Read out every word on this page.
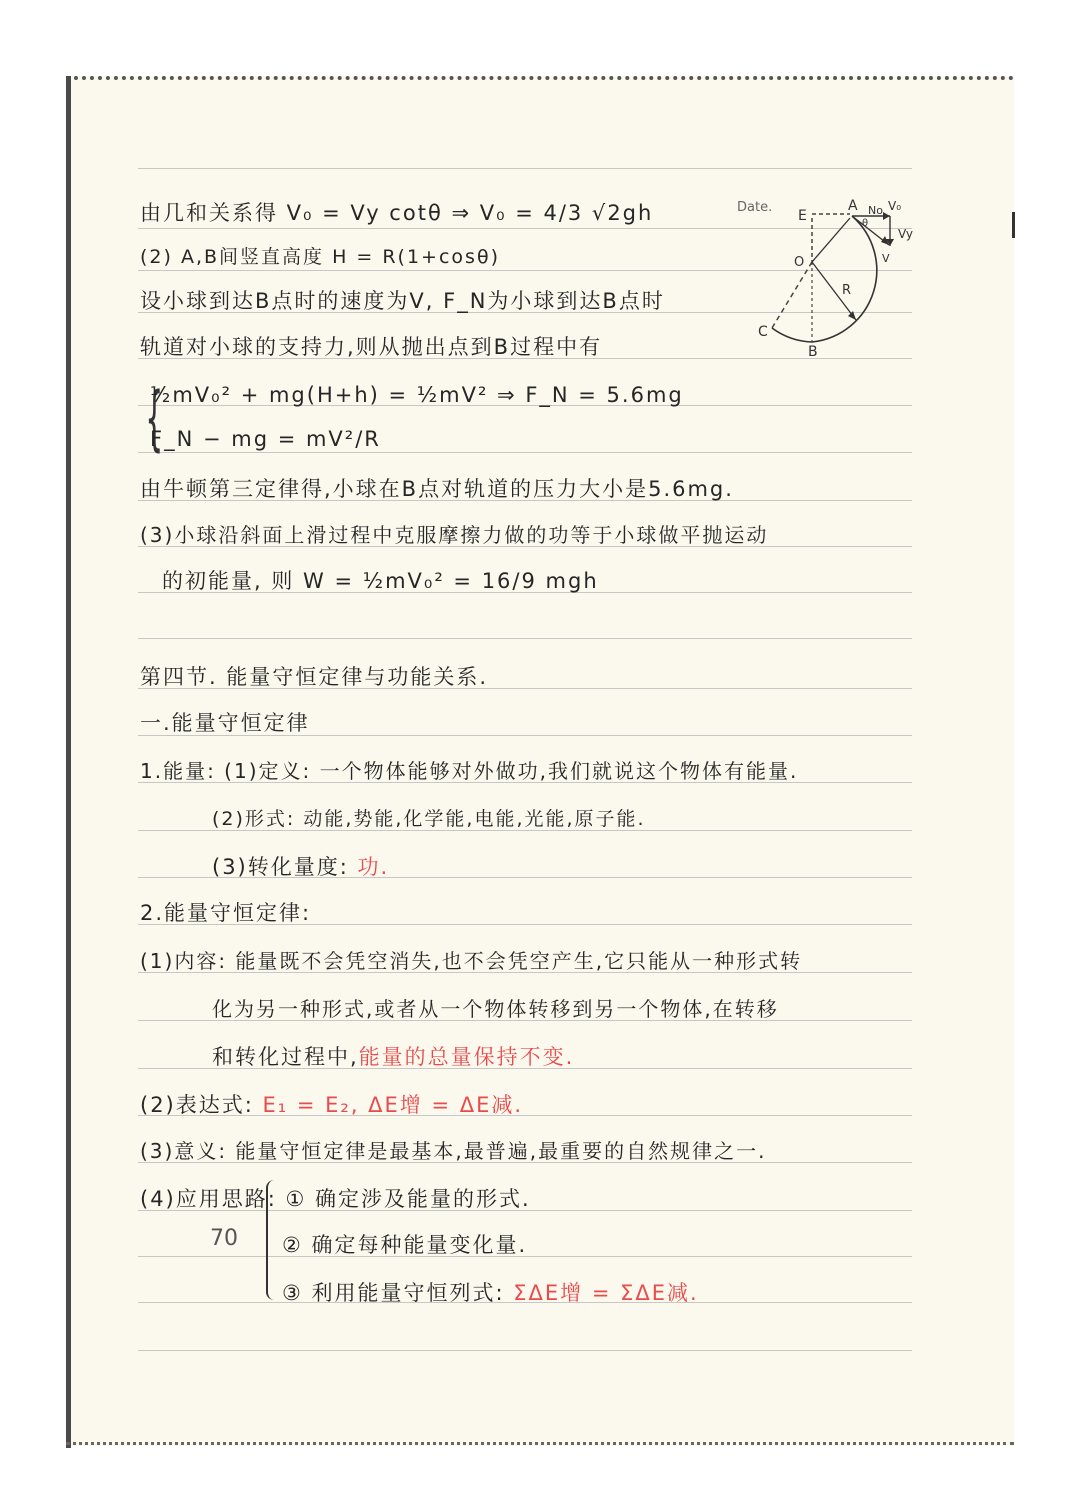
Date.
E
A No V₀
Vy
θ
V
O
R
C
B
由几和关系得 V₀ = Vy cotθ ⇒ V₀ = 4/3 √2gh
(2) A,B间竖直高度 H = R(1+cosθ)
设小球到达B点时的速度为V, F_N为小球到达B点时
轨道对小球的支持力,则从抛出点到B过程中有
{
½mV₀² + mg(H+h) = ½mV² ⇒ F_N = 5.6mg
F_N − mg = mV²/R
由牛顿第三定律得,小球在B点对轨道的压力大小是5.6mg.
(3)小球沿斜面上滑过程中克服摩擦力做的功等于小球做平抛运动
的初能量, 则 W = ½mV₀² = 16/9 mgh
第四节. 能量守恒定律与功能关系.
一.能量守恒定律
1.能量: (1)定义: 一个物体能够对外做功,我们就说这个物体有能量.
(2)形式: 动能,势能,化学能,电能,光能,原子能.
(3)转化量度: 功.
2.能量守恒定律:
(1)内容: 能量既不会凭空消失,也不会凭空产生,它只能从一种形式转
化为另一种形式,或者从一个物体转移到另一个物体,在转移
和转化过程中,能量的总量保持不变.
(2)表达式: E₁ = E₂, ΔE增 = ΔE减.
(3)意义: 能量守恒定律是最基本,最普遍,最重要的自然规律之一.
(4)应用思路: ① 确定涉及能量的形式.
② 确定每种能量变化量.
③ 利用能量守恒列式: ΣΔE增 = ΣΔE减.
70
